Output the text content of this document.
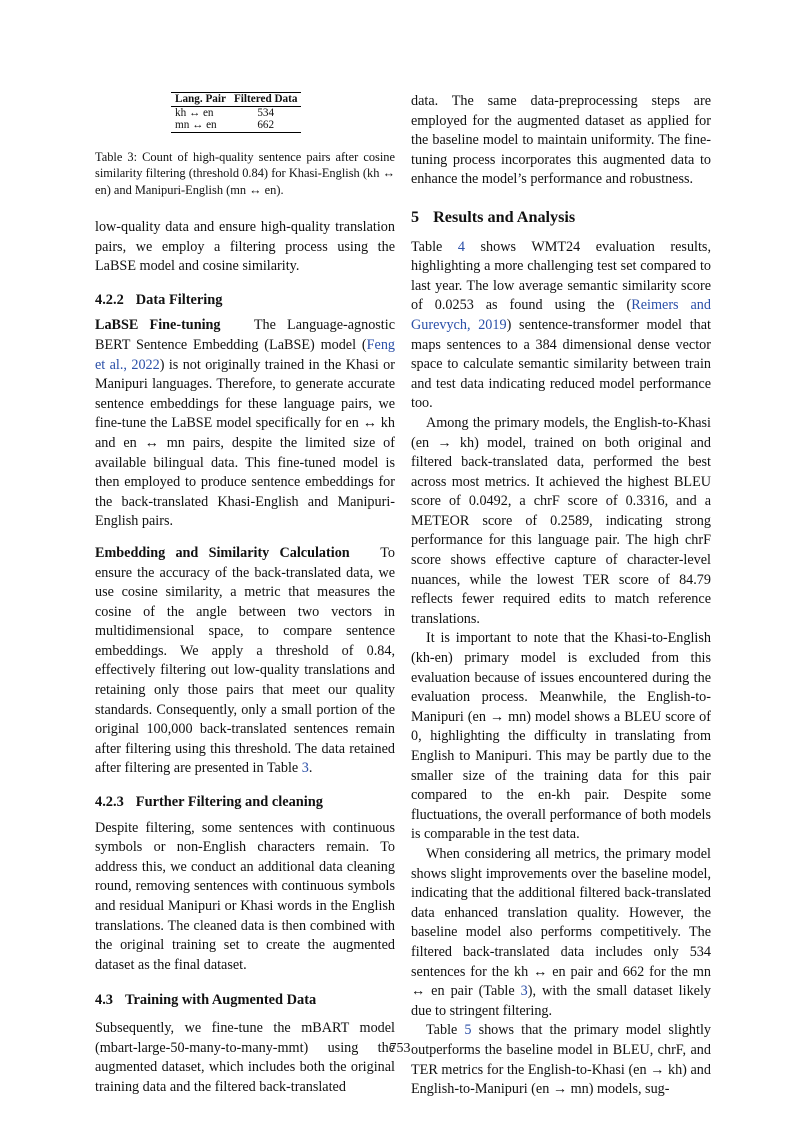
Lang. Pair	Filtered Data
kh ↔ en	534
mn ↔ en	662

Table 3: Count of high-quality sentence pairs after cosine similarity filtering (threshold 0.84) for Khasi-English (kh ↔ en) and Manipuri-English (mn ↔ en).

low-quality data and ensure high-quality translation pairs, we employ a filtering process using the LaBSE model and cosine similarity.

4.2.2 Data Filtering

LaBSE Fine-tuning The Language-agnostic BERT Sentence Embedding (LaBSE) model (Feng et al., 2022) is not originally trained in the Khasi or Manipuri languages. Therefore, to generate accurate sentence embeddings for these language pairs, we fine-tune the LaBSE model specifically for en ↔ kh and en ↔ mn pairs, despite the limited size of available bilingual data. This fine-tuned model is then employed to produce sentence embeddings for the back-translated Khasi-English and Manipuri-English pairs.

Embedding and Similarity Calculation To ensure the accuracy of the back-translated data, we use cosine similarity, a metric that measures the cosine of the angle between two vectors in multidimensional space, to compare sentence embeddings. We apply a threshold of 0.84, effectively filtering out low-quality translations and retaining only those pairs that meet our quality standards. Consequently, only a small portion of the original 100,000 back-translated sentences remain after filtering using this threshold. The data retained after filtering are presented in Table 3.

4.2.3 Further Filtering and cleaning

Despite filtering, some sentences with continuous symbols or non-English characters remain. To address this, we conduct an additional data cleaning round, removing sentences with continuous symbols and residual Manipuri or Khasi words in the English translations. The cleaned data is then combined with the original training set to create the augmented dataset as the final dataset.

4.3 Training with Augmented Data

Subsequently, we fine-tune the mBART model (mbart-large-50-many-to-many-mmt) using the augmented dataset, which includes both the original training data and the filtered back-translated

data. The same data-preprocessing steps are employed for the augmented dataset as applied for the baseline model to maintain uniformity. The fine-tuning process incorporates this augmented data to enhance the model’s performance and robustness.

5 Results and Analysis

Table 4 shows WMT24 evaluation results, highlighting a more challenging test set compared to last year. The low average semantic similarity score of 0.0253 as found using the (Reimers and Gurevych, 2019) sentence-transformer model that maps sentences to a 384 dimensional dense vector space to calculate semantic similarity between train and test data indicating reduced model performance too.

Among the primary models, the English-to-Khasi (en → kh) model, trained on both original and filtered back-translated data, performed the best across most metrics. It achieved the highest BLEU score of 0.0492, a chrF score of 0.3316, and a METEOR score of 0.2589, indicating strong performance for this language pair. The high chrF score shows effective capture of character-level nuances, while the lowest TER score of 84.79 reflects fewer required edits to match reference translations.

It is important to note that the Khasi-to-English (kh-en) primary model is excluded from this evaluation because of issues encountered during the evaluation process. Meanwhile, the English-to-Manipuri (en → mn) model shows a BLEU score of 0, highlighting the difficulty in translating from English to Manipuri. This may be partly due to the smaller size of the training data for this pair compared to the en-kh pair. Despite some fluctuations, the overall performance of both models is comparable in the test data.

When considering all metrics, the primary model shows slight improvements over the baseline model, indicating that the additional filtered back-translated data enhanced translation quality. However, the baseline model also performs competitively. The filtered back-translated data includes only 534 sentences for the kh ↔ en pair and 662 for the mn ↔ en pair (Table 3), with the small dataset likely due to stringent filtering.

Table 5 shows that the primary model slightly outperforms the baseline model in BLEU, chrF, and TER metrics for the English-to-Khasi (en → kh) and English-to-Manipuri (en → mn) models, sug-

753
